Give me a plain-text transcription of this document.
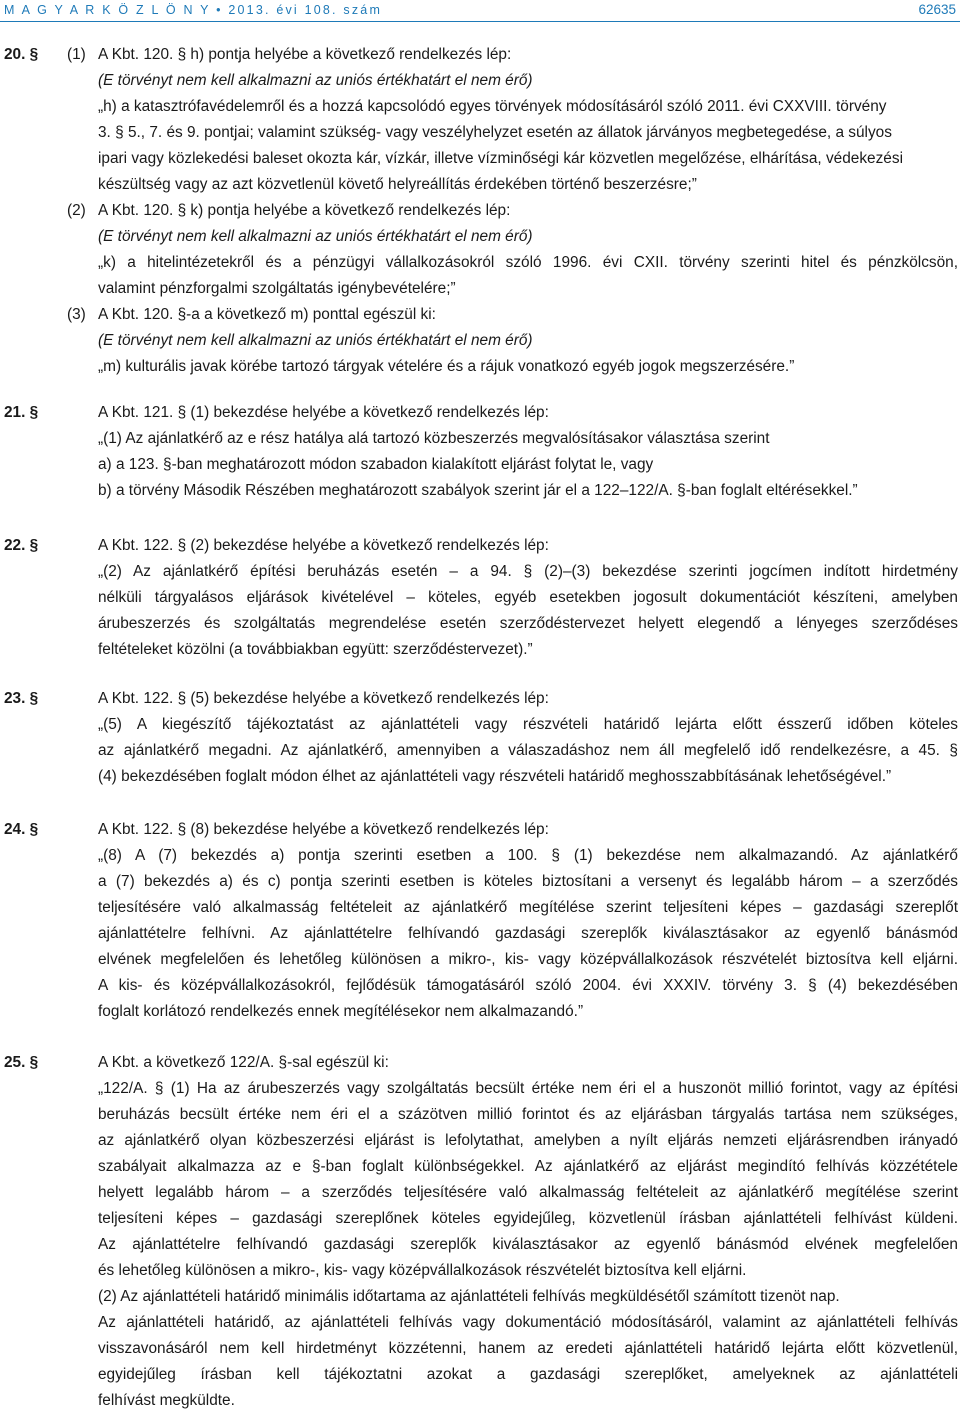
M A G Y A R K Ö Z L Ö N Y • 2013. évi 108. szám	62635
20. § (1) A Kbt. 120. § h) pontja helyébe a következő rendelkezés lép:
(E törvényt nem kell alkalmazni az uniós értékhatárt el nem érő)
„h) a katasztrófavédelemről és a hozzá kapcsolódó egyes törvények módosításáról szóló 2011. évi CXXVIII. törvény
3. § 5., 7. és 9. pontjai; valamint szükség- vagy veszélyhelyzet esetén az állatok járványos megbetegedése, a súlyos
ipari vagy közlekedési baleset okozta kár, vízkár, illetve vízminőségi kár közvetlen megelőzése, elhárítása, védekezési
készültség vagy az azt közvetlenül követő helyreállítás érdekében történő beszerzésre;”
(2) A Kbt. 120. § k) pontja helyébe a következő rendelkezés lép:
(E törvényt nem kell alkalmazni az uniós értékhatárt el nem érő)
„k) a hitelintézetekről és a pénzügyi vállalkozásokról szóló 1996. évi CXII. törvény szerinti hitel és pénzkölcsön,
valamint pénzforgalmi szolgáltatás igénybevételére;”
(3) A Kbt. 120. §-a a következő m) ponttal egészül ki:
(E törvényt nem kell alkalmazni az uniós értékhatárt el nem érő)
„m) kulturális javak körébe tartozó tárgyak vételére és a rájuk vonatkozó egyéb jogok megszerzésére.”
21. §	A Kbt. 121. § (1) bekezdése helyébe a következő rendelkezés lép:
„(1) Az ajánlatkérő az e rész hatálya alá tartozó közbeszerzés megvalósításakor választása szerint
a) a 123. §-ban meghatározott módon szabadon kialakított eljárást folytat le, vagy
b) a törvény Második Részében meghatározott szabályok szerint jár el a 122–122/A. §-ban foglalt eltérésekkel.”
22. §	A Kbt. 122. § (2) bekezdése helyébe a következő rendelkezés lép:
„(2) Az ajánlatkérő építési beruházás esetén – a 94. § (2)–(3) bekezdése szerinti jogcímen indított hirdetmény
nélküli tárgyalásos eljárások kivételével – köteles, egyéb esetekben jogosult dokumentációt készíteni, amelyben
árubeszerzés és szolgáltatás megrendelése esetén szerződéstervezet helyett elegendő a lényeges szerződéses
feltételeket közölni (a továbbiakban együtt: szerződéstervezet).”
23. §	A Kbt. 122. § (5) bekezdése helyébe a következő rendelkezés lép:
„(5) A kiegészítő tájékoztatást az ajánlattételi vagy részvételi határidő lejárta előtt ésszerű időben köteles
az ajánlatkérő megadni. Az ajánlatkérő, amennyiben a válaszadáshoz nem áll megfelelő idő rendelkezésre, a 45. §
(4) bekezdésében foglalt módon élhet az ajánlattételi vagy részvételi határidő meghosszabbításának lehetőségével.”
24. §	A Kbt. 122. § (8) bekezdése helyébe a következő rendelkezés lép:
„(8) A (7) bekezdés a) pontja szerinti esetben a 100. § (1) bekezdése nem alkalmazandó. Az ajánlatkérő
a (7) bekezdés a) és c) pontja szerinti esetben is köteles biztosítani a versenyt és legalább három – a szerződés
teljesítésére való alkalmasság feltételeit az ajánlatkérő megítélése szerint teljesíteni képes – gazdasági szereplőt
ajánlattételre felhívni. Az ajánlattételre felhívandó gazdasági szereplők kiválasztásakor az egyenlő bánásmód
elvének megfelelően és lehetőleg különösen a mikro-, kis- vagy középvállalkozások részvételét biztosítva kell eljárni.
A kis- és középvállalkozásokról, fejlődésük támogatásáról szóló 2004. évi XXXIV. törvény 3. § (4) bekezdésében
foglalt korlátozó rendelkezés ennek megítélésekor nem alkalmazandó.”
25. §	A Kbt. a következő 122/A. §-sal egészül ki:
„122/A. § (1) Ha az árubeszerzés vagy szolgáltatás becsült értéke nem éri el a huszonöt millió forintot, vagy az építési
beruházás becsült értéke nem éri el a százötven millió forintot és az eljárásban tárgyalás tartása nem szükséges,
az ajánlatkérő olyan közbeszerzési eljárást is lefolytathat, amelyben a nyílt eljárás nemzeti eljárásrendben irányadó
szabályait alkalmazza az e §-ban foglalt különbségekkel. Az ajánlatkérő az eljárást megindító felhívás közzététele
helyett legalább három – a szerződés teljesítésére való alkalmasság feltételeit az ajánlatkérő megítélése szerint
teljesíteni képes – gazdasági szereplőnek köteles egyidejűleg, közvetlenül írásban ajánlattételi felhívást küldeni.
Az ajánlattételre felhívandó gazdasági szereplők kiválasztásakor az egyenlő bánásmód elvének megfelelően
és lehetőleg különösen a mikro-, kis- vagy középvállalkozások részvételét biztosítva kell eljárni.
(2) Az ajánlattételi határidő minimális időtartama az ajánlattételi felhívás megküldésétől számított tizenöt nap.
Az ajánlattételi határidő, az ajánlattételi felhívás vagy dokumentáció módosításáról, valamint az ajánlattételi felhívás
visszavonásáról nem kell hirdetményt közzétenni, hanem az eredeti ajánlattételi határidő lejárta előtt közvetlenül,
egyidejűleg írásban kell tájékoztatni azokat a gazdasági szereplőket, amelyeknek az ajánlattételi
felhívást megküldte.
